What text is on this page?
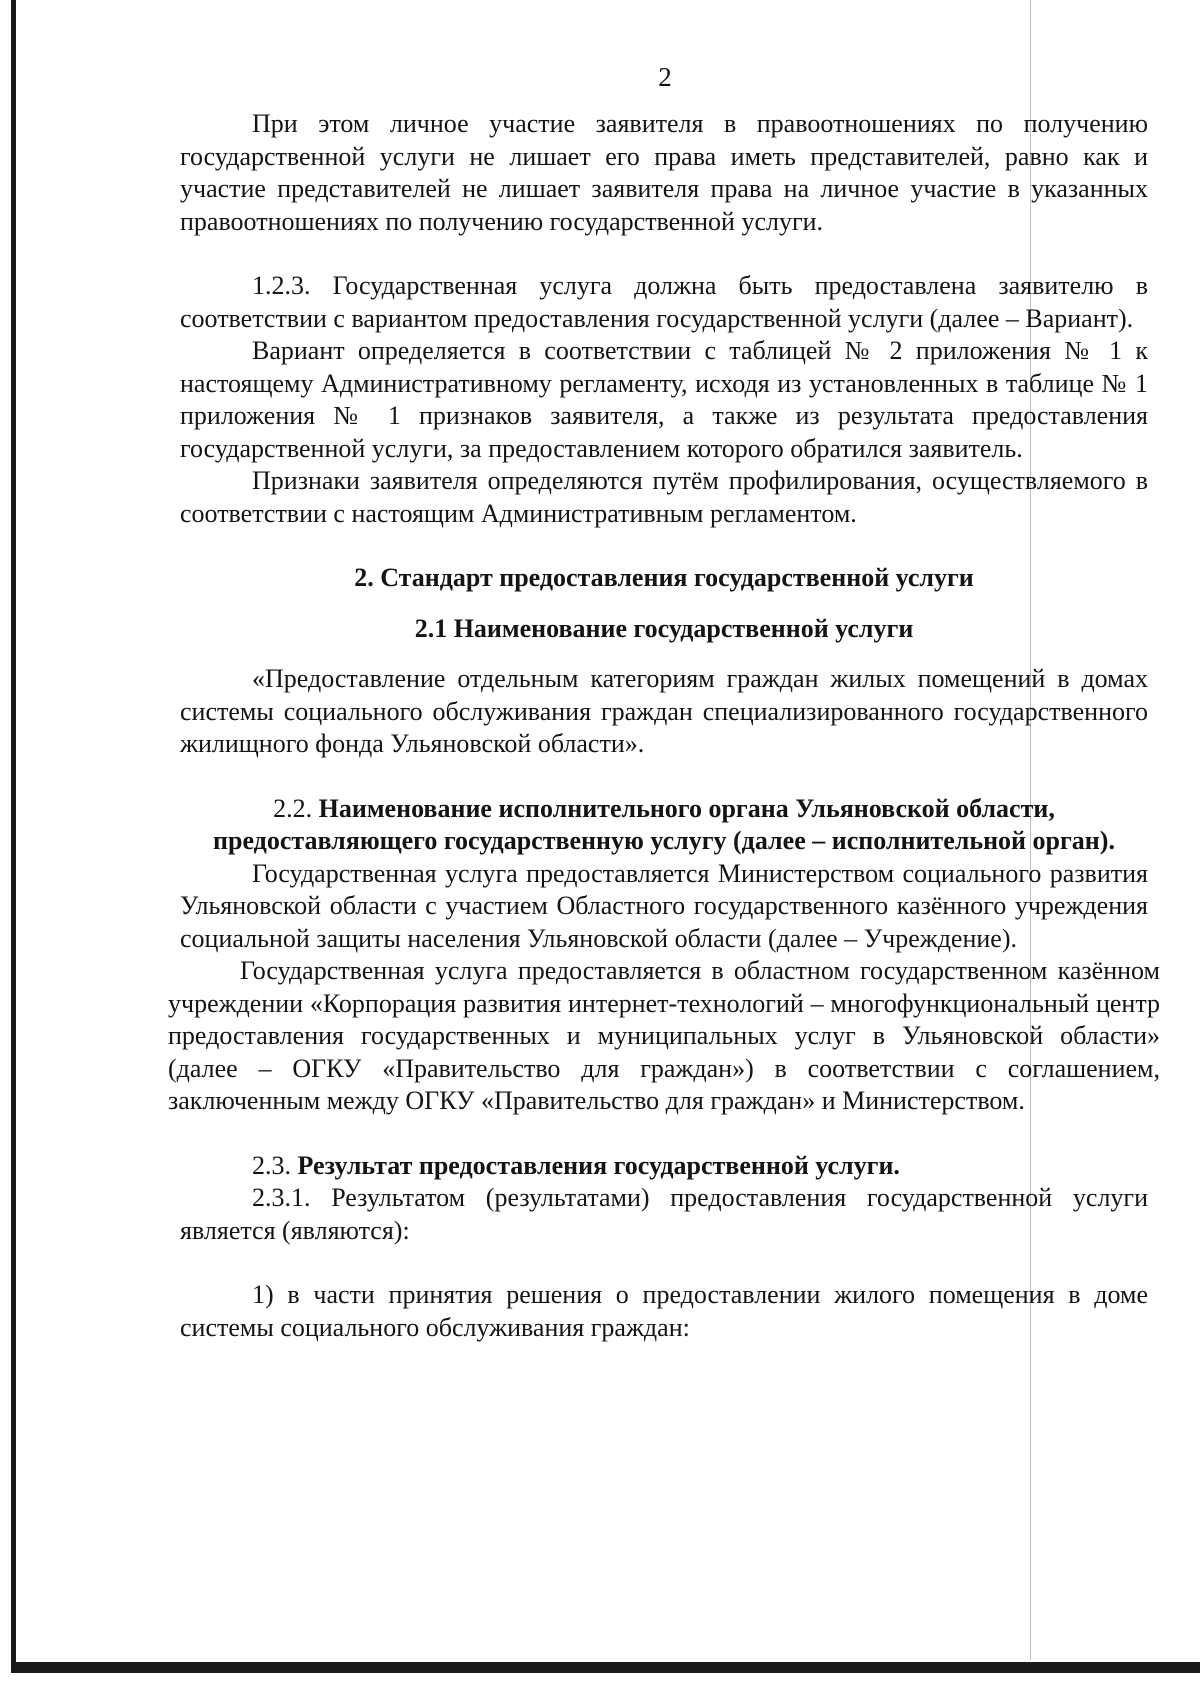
2

При этом личное участие заявителя в правоотношениях по получению государственной услуги не лишает его права иметь представителей, равно как и участие представителей не лишает заявителя права на личное участие в указанных правоотношениях по получению государственной услуги.

1.2.3. Государственная услуга должна быть предоставлена заявителю в соответствии с вариантом предоставления государственной услуги (далее – Вариант).

Вариант определяется в соответствии с таблицей № 2 приложения № 1 к настоящему Административному регламенту, исходя из установленных в таблице № 1 приложения № 1 признаков заявителя, а также из результата предоставления государственной услуги, за предоставлением которого обратился заявитель.

Признаки заявителя определяются путём профилирования, осуществляемого в соответствии с настоящим Административным регламентом.

2. Стандарт предоставления государственной услуги

2.1 Наименование государственной услуги

«Предоставление отдельным категориям граждан жилых помещений в домах системы социального обслуживания граждан специализированного государственного жилищного фонда Ульяновской области».

2.2. Наименование исполнительного органа Ульяновской области, предоставляющего государственную услугу (далее – исполнительной орган).

Государственная услуга предоставляется Министерством социального развития Ульяновской области с участием Областного государственного казённого учреждения социальной защиты населения Ульяновской области (далее – Учреждение).

Государственная услуга предоставляется в областном государственном казённом учреждении «Корпорация развития интернет-технологий – многофункциональный центр предоставления государственных и муниципальных услуг в Ульяновской области» (далее – ОГКУ «Правительство для граждан») в соответствии с соглашением, заключенным между ОГКУ «Правительство для граждан» и Министерством.

2.3. Результат предоставления государственной услуги.

2.3.1. Результатом (результатами) предоставления государственной услуги является (являются):

1) в части принятия решения о предоставлении жилого помещения в доме системы социального обслуживания граждан:
